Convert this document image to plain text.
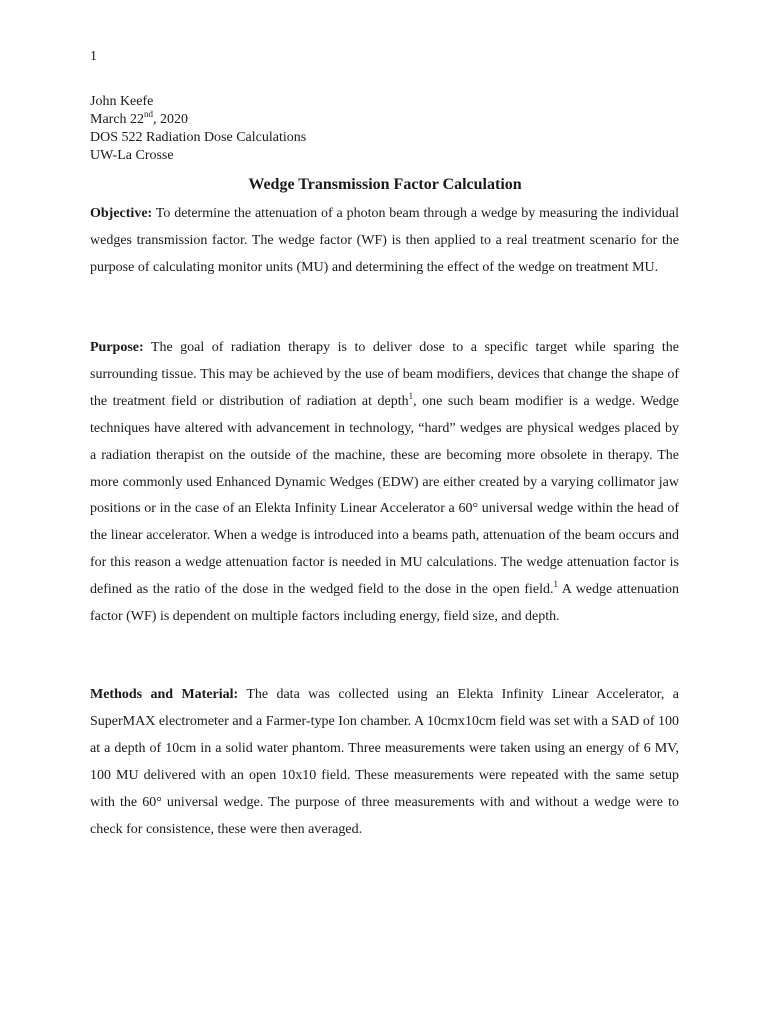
1
John Keefe
March 22nd, 2020
DOS 522 Radiation Dose Calculations
UW-La Crosse
Wedge Transmission Factor Calculation

Objective: To determine the attenuation of a photon beam through a wedge by measuring the individual wedges transmission factor. The wedge factor (WF) is then applied to a real treatment scenario for the purpose of calculating monitor units (MU) and determining the effect of the wedge on treatment MU.

Purpose: The goal of radiation therapy is to deliver dose to a specific target while sparing the surrounding tissue. This may be achieved by the use of beam modifiers, devices that change the shape of the treatment field or distribution of radiation at depth$^1$, one such beam modifier is a wedge. Wedge techniques have altered with advancement in technology, “hard” wedges are physical wedges placed by a radiation therapist on the outside of the machine, these are becoming more obsolete in therapy. The more commonly used Enhanced Dynamic Wedges (EDW) are either created by a varying collimator jaw positions or in the case of an Elekta Infinity Linear Accelerator a 60° universal wedge within the head of the linear accelerator. When a wedge is introduced into a beams path, attenuation of the beam occurs and for this reason a wedge attenuation factor is needed in MU calculations. The wedge attenuation factor is defined as the ratio of the dose in the wedged field to the dose in the open field.$^1$ A wedge attenuation factor (WF) is dependent on multiple factors including energy, field size, and depth.

Methods and Material: The data was collected using an Elekta Infinity Linear Accelerator, a SuperMAX electrometer and a Farmer-type Ion chamber. A 10cmx10cm field was set with a SAD of 100 at a depth of 10cm in a solid water phantom. Three measurements were taken using an energy of 6 MV, 100 MU delivered with an open 10x10 field. These measurements were repeated with the same setup with the 60° universal wedge. The purpose of three measurements with and without a wedge were to check for consistence, these were then averaged.
